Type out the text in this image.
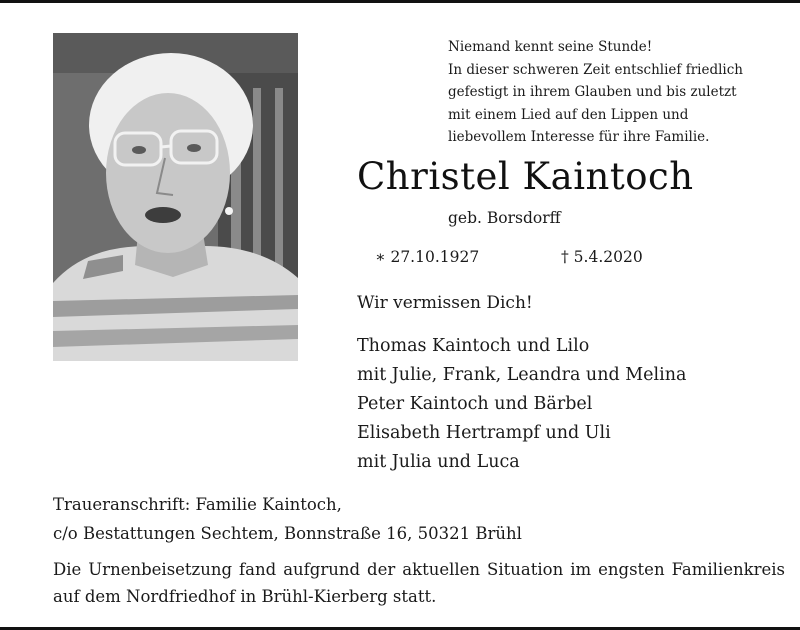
Niemand kennt seine Stunde!
In dieser schweren Zeit entschlief friedlich
gefestigt in ihrem Glauben und bis zuletzt
mit einem Lied auf den Lippen und
liebevollem Interesse für ihre Familie.
Christel Kaintoch
geb. Borsdorff
∗ 27.10.1927	† 5.4.2020
Wir vermissen Dich!
Thomas Kaintoch und Lilo
mit Julie, Frank, Leandra und Melina
Peter Kaintoch und Bärbel
Elisabeth Hertrampf und Uli
mit Julia und Luca
Traueranschrift: Familie Kaintoch,
c/o Bestattungen Sechtem, Bonnstraße 16, 50321 Brühl
Die Urnenbeisetzung fand aufgrund der aktuellen Situation im engsten Familienkreis auf dem Nordfriedhof in Brühl-Kierberg statt.
